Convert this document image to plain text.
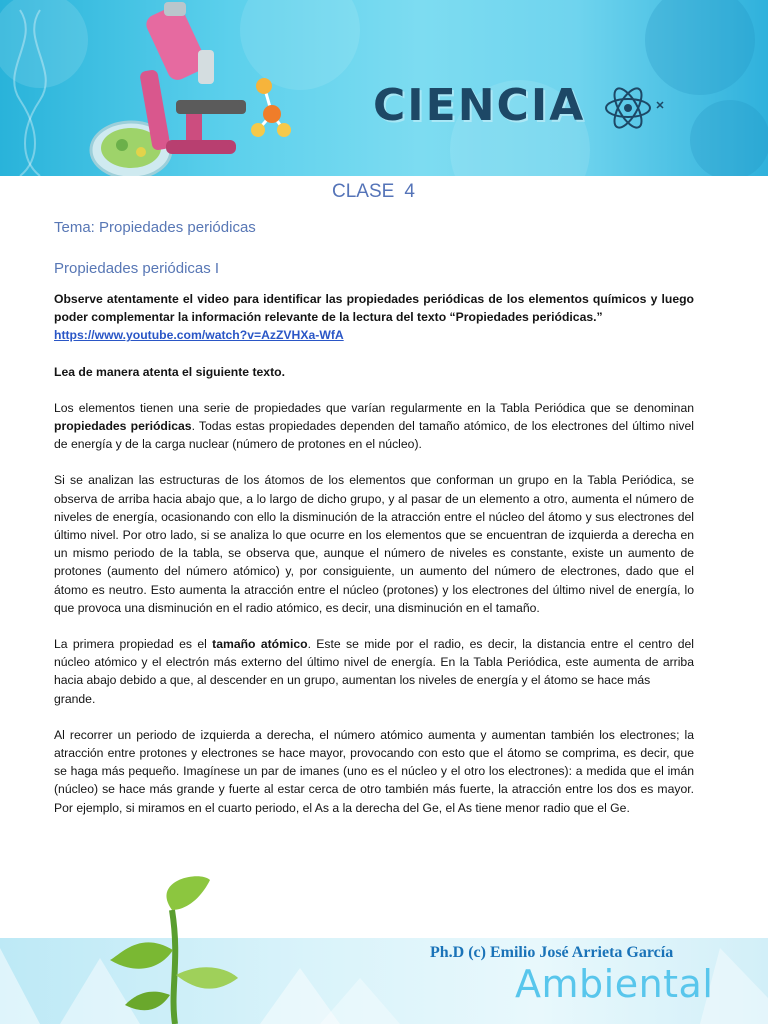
CIENCIA
CLASE 4
Tema: Propiedades periódicas
Propiedades periódicas I

Observe atentamente el video para identificar las propiedades periódicas de los elementos químicos y luego poder complementar la información relevante de la lectura del texto “Propiedades periódicas.”
https://www.youtube.com/watch?v=AzZVHXa-WfA

Lea de manera atenta el siguiente texto.

Los elementos tienen una serie de propiedades que varían regularmente en la Tabla Periódica que se denominan propiedades periódicas. Todas estas propiedades dependen del tamaño atómico, de los electrones del último nivel de energía y de la carga nuclear (número de protones en el núcleo).

Si se analizan las estructuras de los átomos de los elementos que conforman un grupo en la Tabla Periódica, se observa de arriba hacia abajo que, a lo largo de dicho grupo, y al pasar de un elemento a otro, aumenta el número de niveles de energía, ocasionando con ello la disminución de la atracción entre el núcleo del átomo y sus electrones del último nivel. Por otro lado, si se analiza lo que ocurre en los elementos que se encuentran de izquierda a derecha en un mismo periodo de la tabla, se observa que, aunque el número de niveles es constante, existe un aumento de protones (aumento del número atómico) y, por consiguiente, un aumento del número de electrones, dado que el átomo es neutro. Esto aumenta la atracción entre el núcleo (protones) y los electrones del último nivel de energía, lo que provoca una disminución en el radio atómico, es decir, una disminución en el tamaño.

La primera propiedad es el tamaño atómico. Este se mide por el radio, es decir, la distancia entre el centro del núcleo atómico y el electrón más externo del último nivel de energía. En la Tabla Periódica, este aumenta de arriba hacia abajo debido a que, al descender en un grupo, aumentan los niveles de energía y el átomo se hace más
grande.

Al recorrer un periodo de izquierda a derecha, el número atómico aumenta y aumentan también los electrones; la atracción entre protones y electrones se hace mayor, provocando con esto que el átomo se comprima, es decir, que se haga más pequeño. Imagínese un par de imanes (uno es el núcleo y el otro los electrones): a medida que el imán (núcleo) se hace más grande y fuerte al estar cerca de otro también más fuerte, la atracción entre los dos es mayor. Por ejemplo, si miramos en el cuarto periodo, el As a la derecha del Ge, el As tiene menor radio que el Ge.

Ph.D (c) Emilio José Arrieta García
Ambiental
